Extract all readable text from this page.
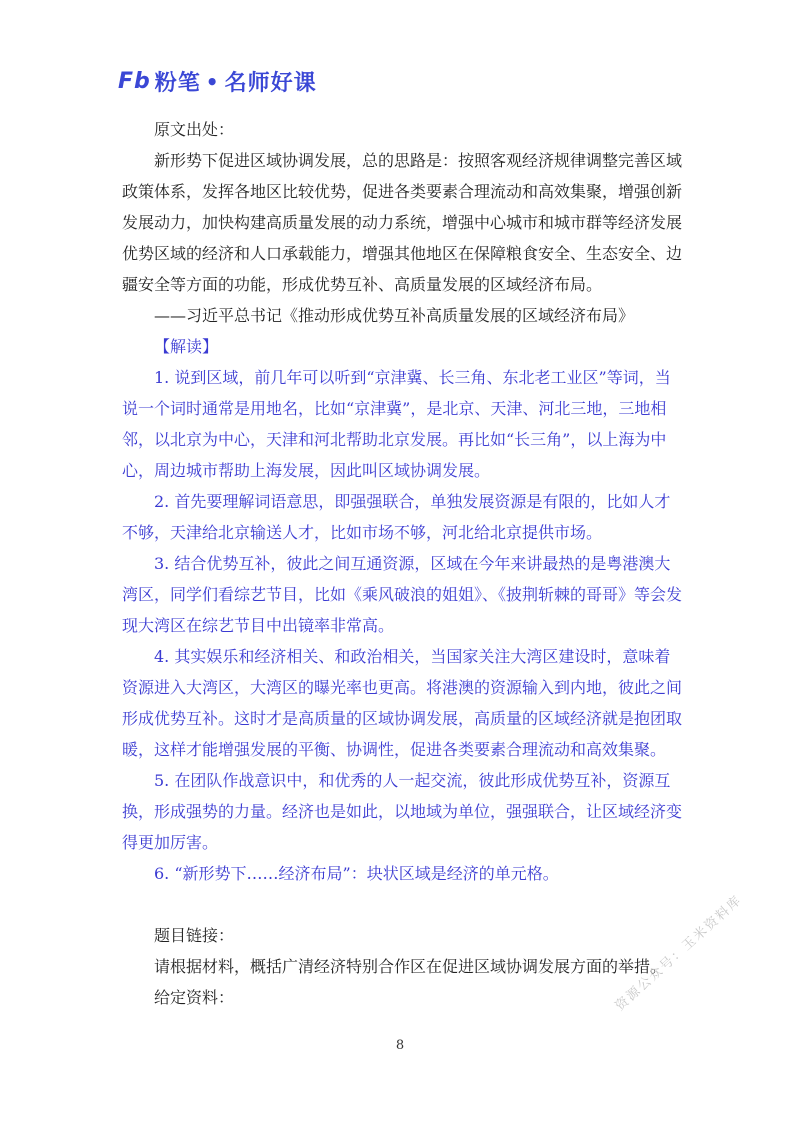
Fb 粉笔 • 名师好课

原文出处：

新形势下促进区域协调发展，总的思路是：按照客观经济规律调整完善区域政策体系，发挥各地区比较优势，促进各类要素合理流动和高效集聚，增强创新发展动力，加快构建高质量发展的动力系统，增强中心城市和城市群等经济发展优势区域的经济和人口承载能力，增强其他地区在保障粮食安全、生态安全、边疆安全等方面的功能，形成优势互补、高质量发展的区域经济布局。

——习近平总书记《推动形成优势互补高质量发展的区域经济布局》

【解读】

1. 说到区域，前几年可以听到“京津冀、长三角、东北老工业区”等词，当说一个词时通常是用地名，比如“京津冀”，是北京、天津、河北三地，三地相邻，以北京为中心，天津和河北帮助北京发展。再比如“长三角”，以上海为中心，周边城市帮助上海发展，因此叫区域协调发展。

2. 首先要理解词语意思，即强强联合，单独发展资源是有限的，比如人才不够，天津给北京输送人才，比如市场不够，河北给北京提供市场。

3. 结合优势互补，彼此之间互通资源，区域在今年来讲最热的是粤港澳大湾区，同学们看综艺节目，比如《乘风破浪的姐姐》、《披荆斩棘的哥哥》等会发现大湾区在综艺节目中出镜率非常高。

4. 其实娱乐和经济相关、和政治相关，当国家关注大湾区建设时，意味着资源进入大湾区，大湾区的曝光率也更高。将港澳的资源输入到内地，彼此之间形成优势互补。这时才是高质量的区域协调发展，高质量的区域经济就是抱团取暖，这样才能增强发展的平衡、协调性，促进各类要素合理流动和高效集聚。

5. 在团队作战意识中，和优秀的人一起交流，彼此形成优势互补，资源互换，形成强势的力量。经济也是如此，以地域为单位，强强联合，让区域经济变得更加厉害。

6. “新形势下……经济布局”：块状区域是经济的单元格。

题目链接：

请根据材料，概括广清经济特别合作区在促进区域协调发展方面的举措。

给定资料：

8
资源公众号：玉米资料库
